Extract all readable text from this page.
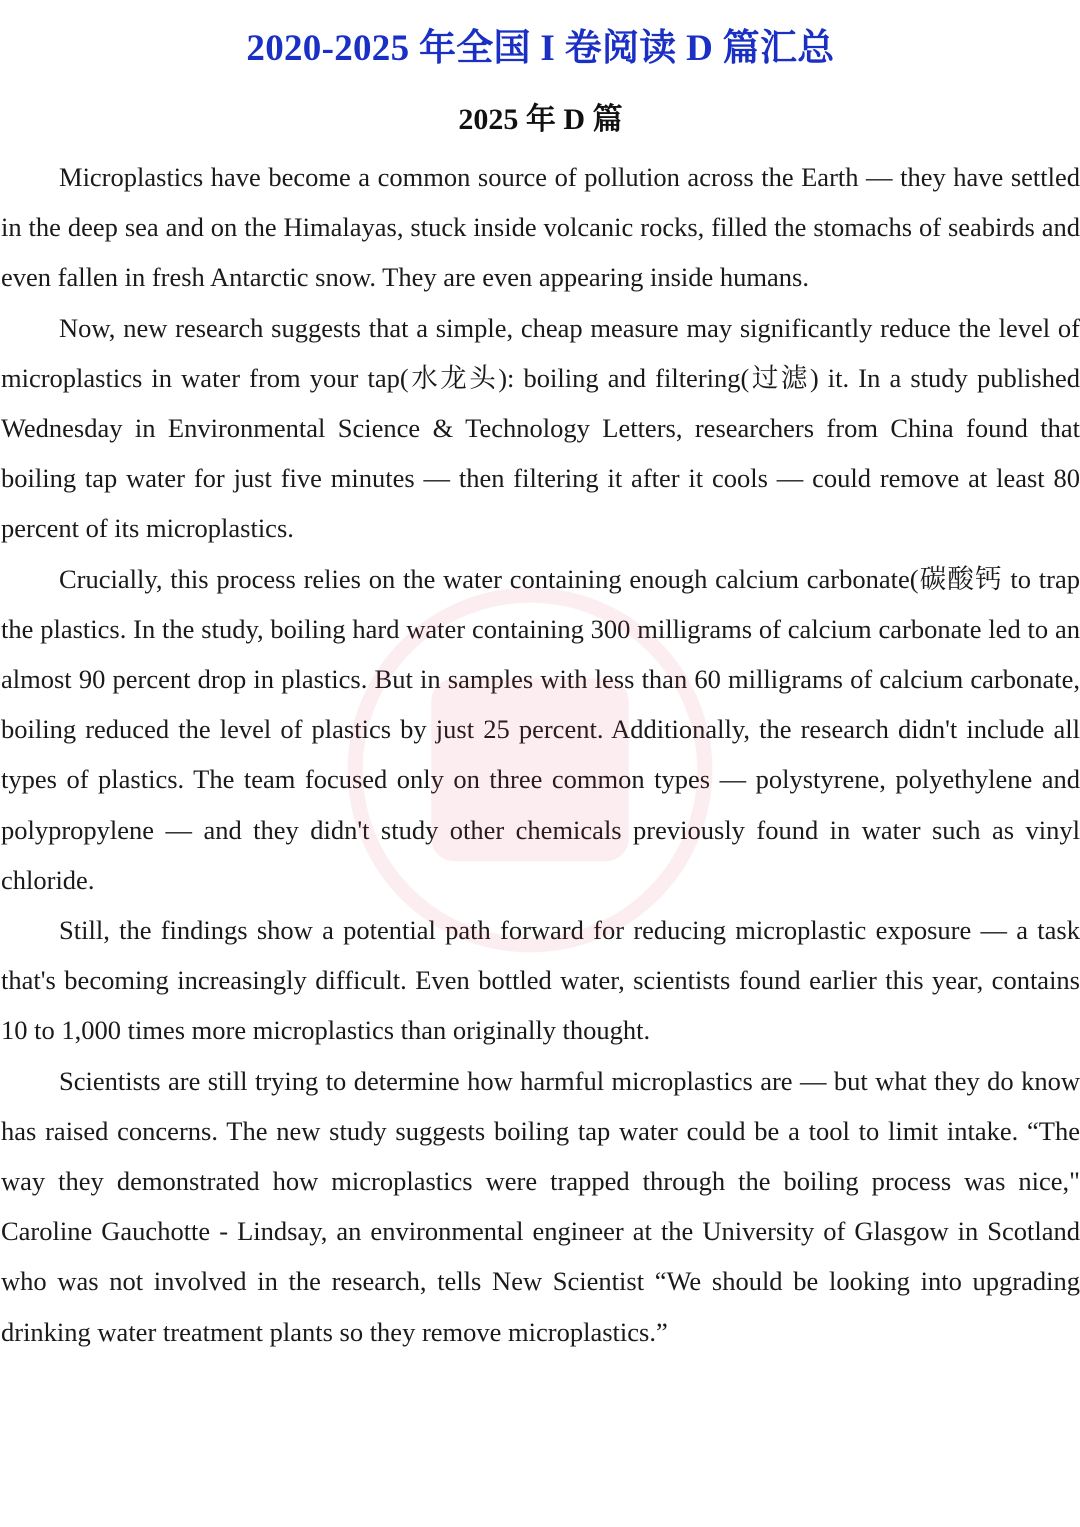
2020-2025 年全国 I 卷阅读 D 篇汇总
2025 年 D 篇

Microplastics have become a common source of pollution across the Earth — they have settled in the deep sea and on the Himalayas, stuck inside volcanic rocks, filled the stomachs of seabirds and even fallen in fresh Antarctic snow. They are even appearing inside humans.

Now, new research suggests that a simple, cheap measure may significantly reduce the level of microplastics in water from your tap(水龙头): boiling and filtering(过滤) it. In a study published Wednesday in Environmental Science & Technology Letters, researchers from China found that boiling tap water for just five minutes — then filtering it after it cools — could remove at least 80 percent of its microplastics.

Crucially, this process relies on the water containing enough calcium carbonate(碳酸钙 to trap the plastics. In the study, boiling hard water containing 300 milligrams of calcium carbonate led to an almost 90 percent drop in plastics. But in samples with less than 60 milligrams of calcium carbonate, boiling reduced the level of plastics by just 25 percent. Additionally, the research didn't include all types of plastics. The team focused only on three common types — polystyrene, polyethylene and polypropylene — and they didn't study other chemicals previously found in water such as vinyl chloride.

Still, the findings show a potential path forward for reducing microplastic exposure — a task that's becoming increasingly difficult. Even bottled water, scientists found earlier this year, contains 10 to 1,000 times more microplastics than originally thought.

Scientists are still trying to determine how harmful microplastics are — but what they do know has raised concerns. The new study suggests boiling tap water could be a tool to limit intake. “The way they demonstrated how microplastics were trapped through the boiling process was nice," Caroline Gauchotte - Lindsay, an environmental engineer at the University of Glasgow in Scotland who was not involved in the research, tells New Scientist “We should be looking into upgrading drinking water treatment plants so they remove microplastics.”
